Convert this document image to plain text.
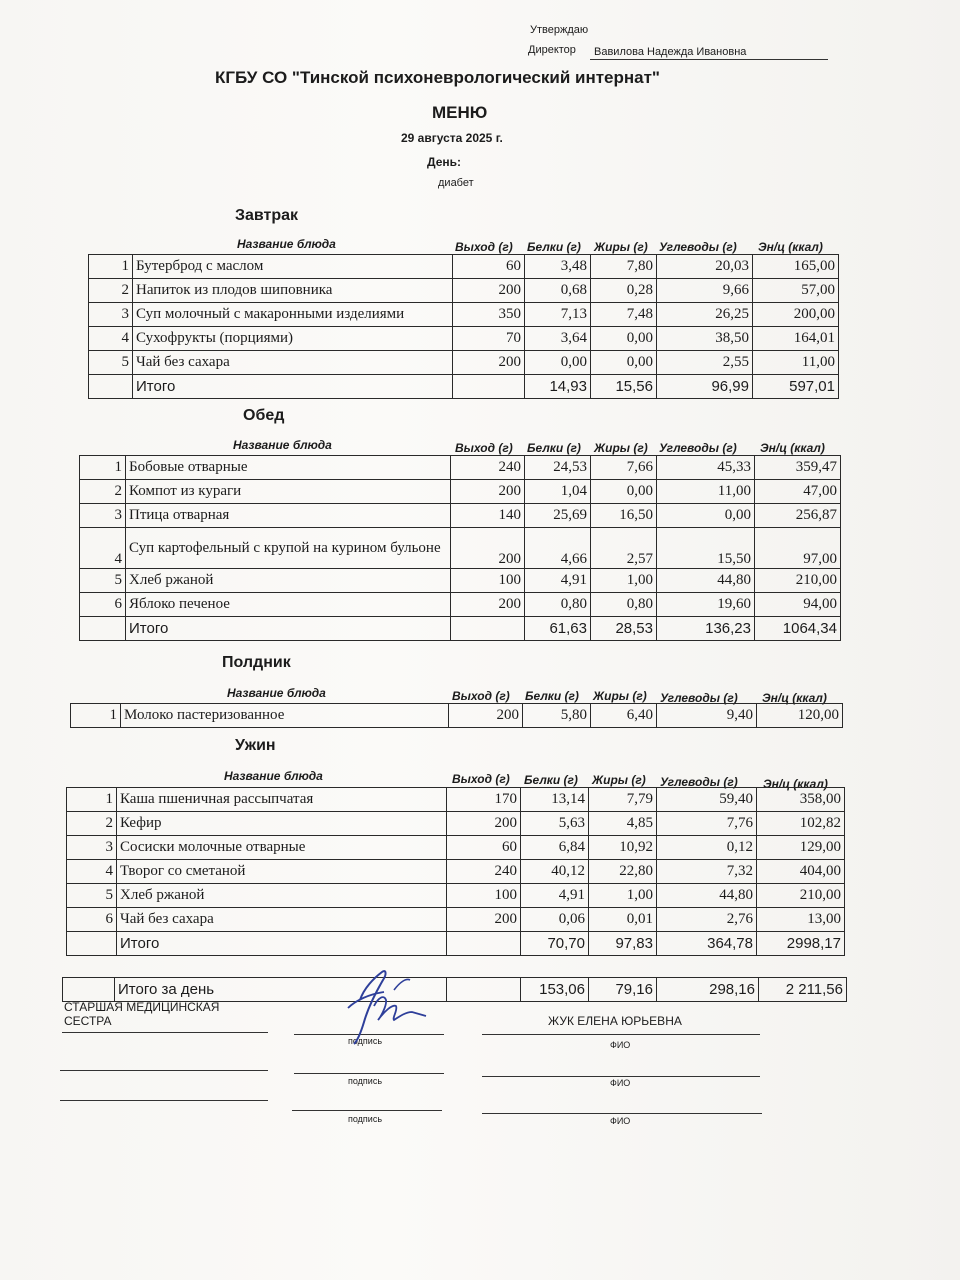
Утверждаю
Директор Вавилова Надежда Ивановна
КГБУ СО "Тинской психоневрологический интернат"
МЕНЮ
29 августа 2025 г.
День:
диабет
Завтрак
Название блюда	Выход (г) Белки (г) Жиры (г) Углеводы (г) Эн/ц (ккал)
1	Бутерброд с маслом	60	3,48	7,80	20,03	165,00
2	Напиток из плодов шиповника	200	0,68	0,28	9,66	57,00
3	Суп молочный с макаронными изделиями	350	7,13	7,48	26,25	200,00
4	Сухофрукты (порциями)	70	3,64	0,00	38,50	164,01
5	Чай без сахара	200	0,00	0,00	2,55	11,00
	Итого		14,93	15,56	96,99	597,01
Обед
Название блюда	Выход (г) Белки (г) Жиры (г) Углеводы (г) Эн/ц (ккал)
1	Бобовые отварные	240	24,53	7,66	45,33	359,47
2	Компот из кураги	200	1,04	0,00	11,00	47,00
3	Птица отварная	140	25,69	16,50	0,00	256,87
4	Суп картофельный с крупой на курином бульоне	200	4,66	2,57	15,50	97,00
5	Хлеб ржаной	100	4,91	1,00	44,80	210,00
6	Яблоко печеное	200	0,80	0,80	19,60	94,00
	Итого		61,63	28,53	136,23	1064,34
Полдник
Название блюда	Выход (г) Белки (г) Жиры (г) Углеводы (г) Эн/ц (ккал)
1	Молоко пастеризованное	200	5,80	6,40	9,40	120,00
Ужин
Название блюда	Выход (г) Белки (г) Жиры (г) Углеводы (г) Эн/ц (ккал)
1	Каша пшеничная рассыпчатая	170	13,14	7,79	59,40	358,00
2	Кефир	200	5,63	4,85	7,76	102,82
3	Сосиски молочные отварные	60	6,84	10,92	0,12	129,00
4	Творог со сметаной	240	40,12	22,80	7,32	404,00
5	Хлеб ржаной	100	4,91	1,00	44,80	210,00
6	Чай без сахара	200	0,06	0,01	2,76	13,00
	Итого		70,70	97,83	364,78	2998,17
	Итого за день		153,06	79,16	298,16	2 211,56
СТАРШАЯ МЕДИЦИНСКАЯ СЕСТРА	ЖУК ЕЛЕНА ЮРЬЕВНА
подпись	ФИО
подпись	ФИО
подпись	ФИО
